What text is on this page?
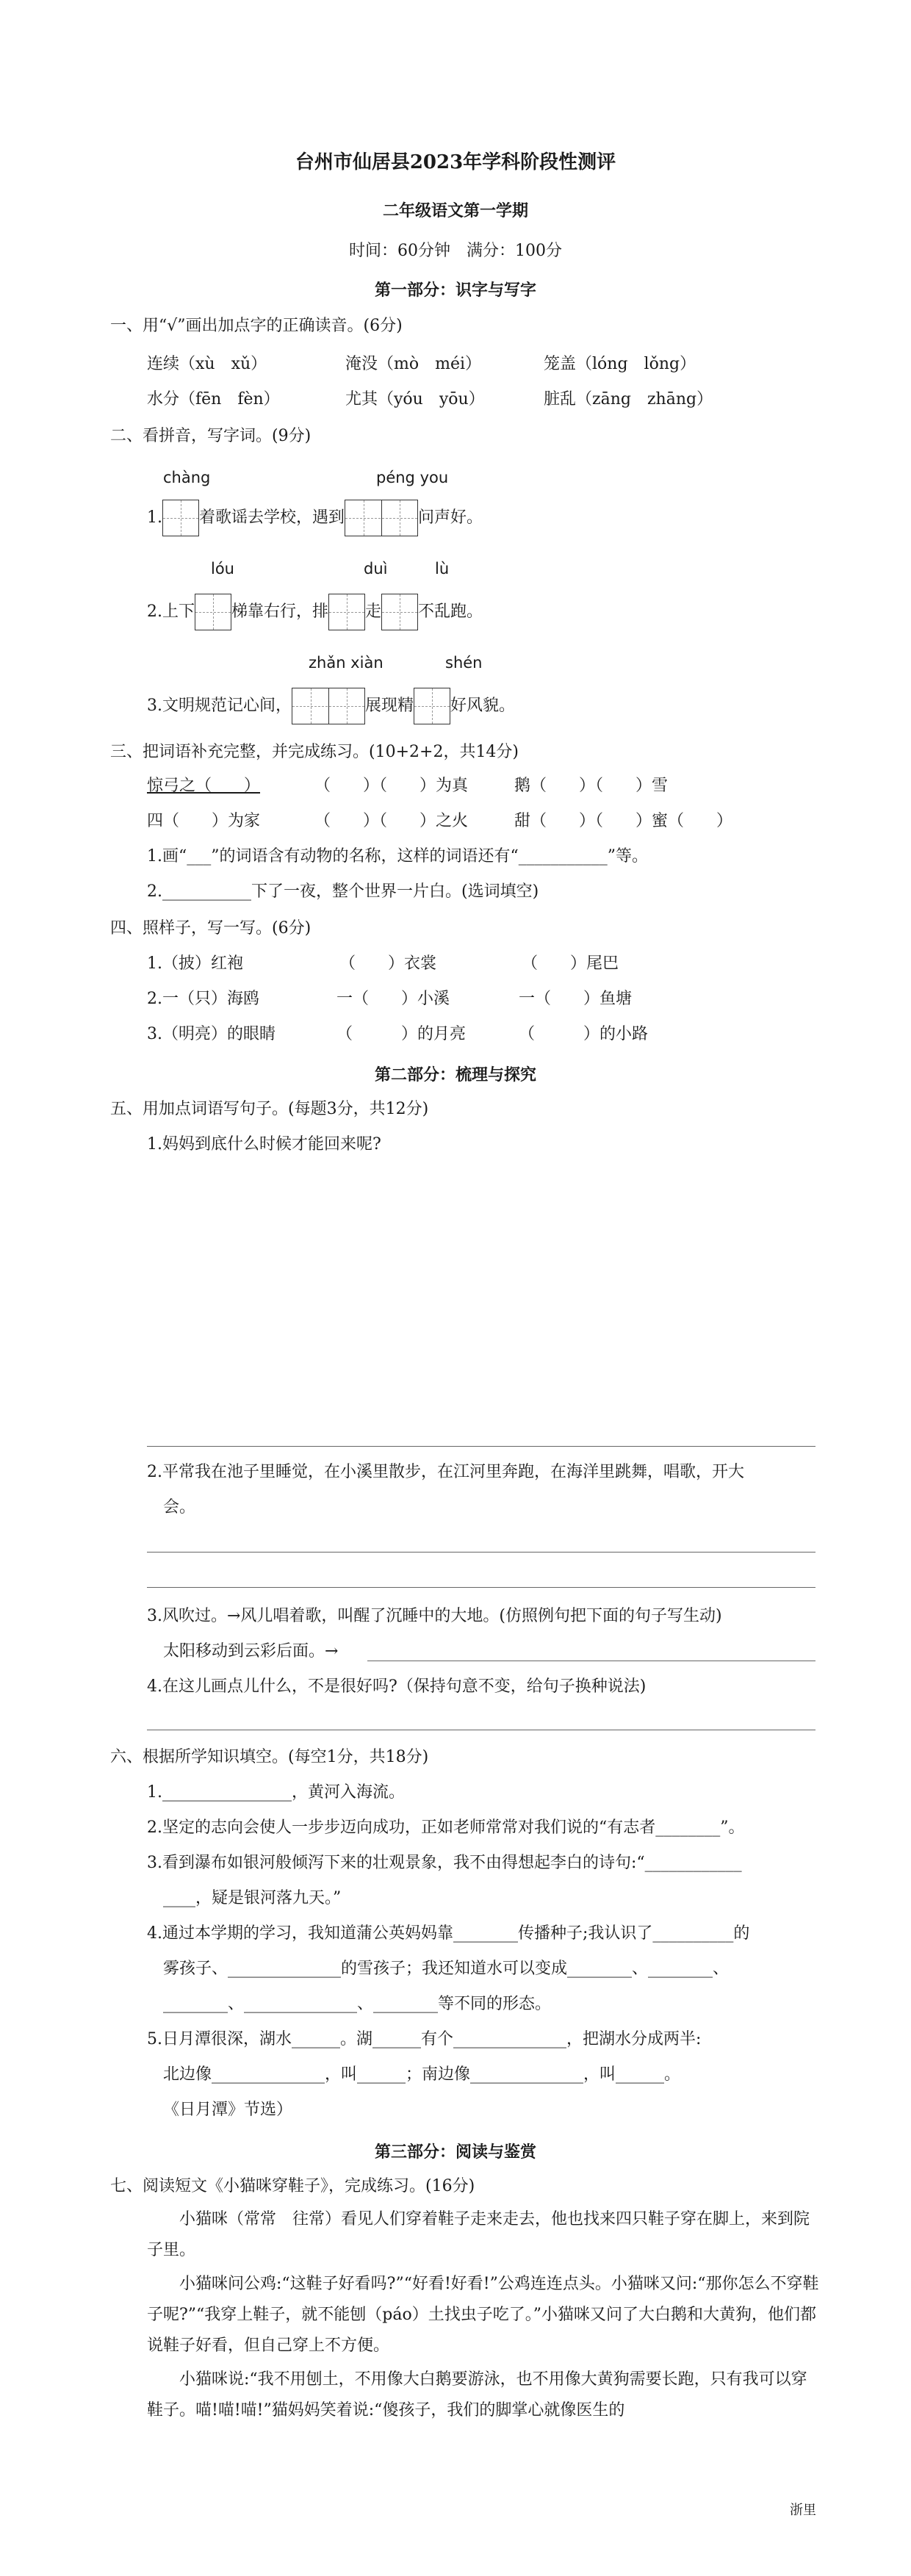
台州市仙居县2023年学科阶段性测评
二年级语文第一学期
时间：60分钟　满分：100分
第一部分：识字与写字
一、用“√”画出加点字的正确读音。(6分)
连续（xù　xǔ）	淹没（mò　méi）	笼盖（lóng　lǒng）
水分（fēn　fèn）	尤其（yóu　yōu）	脏乱（zāng　zhāng）
二、看拼音，写字词。(9分)
chàng	péng you
1. 着歌谣去学校，遇到	问声好。
lóu	duì	lù
2.上下 梯靠右行，排 走 不乱跑。
zhǎn xiàn	shén
3.文明规范记心间，	展现精 好风貌。
三、把词语补充完整，并完成练习。(10+2+2，共14分)
惊弓之（　　）	（　　）（　　）为真	鹅（　　）（　　）雪
四（　　）为家	（　　）（　　）之火	甜（　　）（　　）蜜（　　）
1.画“___”的词语含有动物的名称，这样的词语还有“___________”等。
2.___________下了一夜，整个世界一片白。(选词填空)
四、照样子，写一写。(6分)
1.（披）红袍	（　　）衣裳	（　　）尾巴
2.一（只）海鸥	一（　　）小溪	一（　　）鱼塘
3.（明亮）的眼睛	（　　　）的月亮	（　　　）的小路
第二部分：梳理与探究
五、用加点词语写句子。(每题3分，共12分)
1.妈妈到底什么时候才能回来呢?
2.平常我在池子里睡觉，在小溪里散步，在江河里奔跑，在海洋里跳舞，唱歌，开大
会。
3.风吹过。→风儿唱着歌，叫醒了沉睡中的大地。(仿照例句把下面的句子写生动)
太阳移动到云彩后面。→
4.在这儿画点儿什么，不是很好吗?（保持句意不变，给句子换种说法)
六、根据所学知识填空。(每空1分，共18分)
1.________________，黄河入海流。
2.坚定的志向会使人一步步迈向成功，正如老师常常对我们说的“有志者________”。
3.看到瀑布如银河般倾泻下来的壮观景象，我不由得想起李白的诗句:“____________
____，疑是银河落九天。”
4.通过本学期的学习，我知道蒲公英妈妈靠________传播种子;我认识了__________的
雾孩子、______________的雪孩子；我还知道水可以变成________、________、
________、______________、________等不同的形态。
5.日月潭很深，湖水______。湖______有个______________，把湖水分成两半:
北边像______________，叫______；南边像______________，叫______。
《日月潭》节选）
第三部分：阅读与鉴赏
七、阅读短文《小猫咪穿鞋子》，完成练习。(16分)
小猫咪（常常　往常）看见人们穿着鞋子走来走去，他也找来四只鞋子穿在脚上，来到院子里。
小猫咪问公鸡:“这鞋子好看吗?”“好看!好看!”公鸡连连点头。小猫咪又问:“那你怎么不穿鞋子呢?”“我穿上鞋子，就不能刨（páo）土找虫子吃了。”小猫咪又问了大白鹅和大黄狗，他们都说鞋子好看，但自己穿上不方便。
小猫咪说:“我不用刨土，不用像大白鹅要游泳，也不用像大黄狗需要长跑，只有我可以穿鞋子。喵!喵!喵!”猫妈妈笑着说:“傻孩子，我们的脚掌心就像医生的
浙里
